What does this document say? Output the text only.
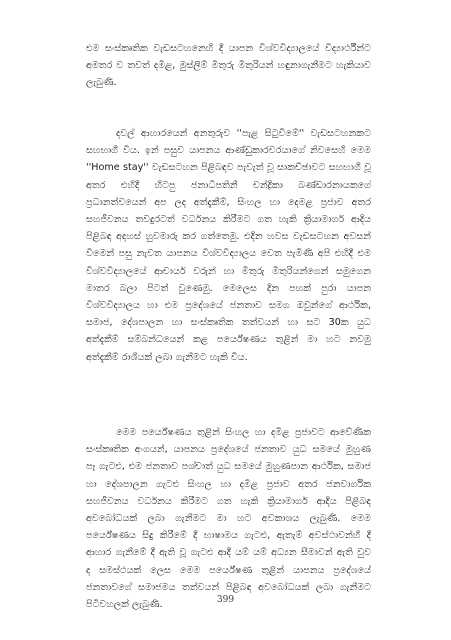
එම සංස්කෘතික වැඩසටහනෙහි දී යාපන විශ්වවිද්‍යාලයේ විද්‍යාර්ථීන්ට
අමතර ව තවත් දමිළ, මුස්ලිම් මිතුරු මිතුරියන් හඳුනාගැනීමට හැකියාව
ලැබුණි.

දවල් ආහාරයෙන් අනතුරුව ''පැළ සිටුවීමේ'' වැඩසටහනකට
සහභාගී විය. ඉන් පසුව යාපනය ආණ්ඩුකාරවරයාගේ නිවසෙහි මෙම
''Home stay'' වැඩසටහන පිළිබඳව පැවැත් වූ සාකච්ඡාවට සහභාගී වූ
අතර එහිදී හිටපු ජනාධිපතිනී චන්ද්‍රිකා බණ්ඩාරනායකගේ
ප්‍රධානත්වයෙන් අප ලද අත්දැකීම්, සිංහල හා දෙමළ ප්‍රජාව අතර
සහජීවනය තවදුරටත් වර්ධනය කිරීමට ගත හැකි ක්‍රියාමාර්ග ආදිය
පිළිබඳ අදහස් හුවමාරු කර ගත්තෙමු. එදින හවස වැඩසටහන අවසන්
වීමෙන් පසු නැවත යාපනය විශ්වවිද්‍යාලය වෙත පැමිණි අපි එහිදී එම
විශ්වවිද්‍යාලයේ ආචාර්ය වරුන් හා මිතුරු මිතුරියන්ගෙන් සමුගෙන
මාතර බලා පිටත් වුණෙමු. මෙලෙස දින පහක් පුරා යාපන
විශ්වවිද්‍යාලය හා එම ප්‍රදේශයේ ජනතාව සමග ඔවුන්ගේ ආර්ථික,
සමාජ, දේශපාලන හා සංස්කෘතික තත්වයන් හා සට 30ක යුධ
අත්දැකීම් සම්බන්ධයෙන් කළ පර්යේෂණය තුළින් මා හට නවමු
අත්දැකීම් රාශියක් ලබා ගැනීමට හැකි විය.

මෙම පර්යේෂණය තුළින් සිංහල හා දමිළ ප්‍රජාවට ආවේණික
සංස්කෘතික අංගයන්, යාපනය ප්‍රදේශයේ ජනතාව යුධ සමයේ මුහුණ
පෑ ගැටළු, එම ජනතාව පශ්චාත් යුධ සමයේ මුහුණපාන ආර්ථික, සමාජ
හා දේශපාලන ගැටළු සිංහල හා දමිළ ප්‍රජාව අතර ජනවාර්ගික
සහජීවනය වර්ධනය කිරීමට ගත හැකි ක්‍රියාමාර්ග ආදිය පිළිබඳ
අවබෝධයක් ලබා ගැනීමට මා හට අවකාශය ලැබුණි. මෙම
පර්යේෂණය සිදු කිරීමේ දී භාෂාමය ගැටළු, ඇතැම් අවස්ථාවන්හි දී
ආහාර ගැනීමේ දී ඇති වූ ගැටළු ආදී යම් යම් අධ්‍යන සීමාවන් ඇති වුව
ද සමස්ථයක් ලෙස මෙම පර්යේෂණ තුළින් යාපනය ප්‍රදේශයේ
ජනතාවගේ සමාජමය තත්වයන් පිළිබඳ අවබෝධයක් ලබා ගැනීමට
පිටිවහලක් ලැබුණි.	399
